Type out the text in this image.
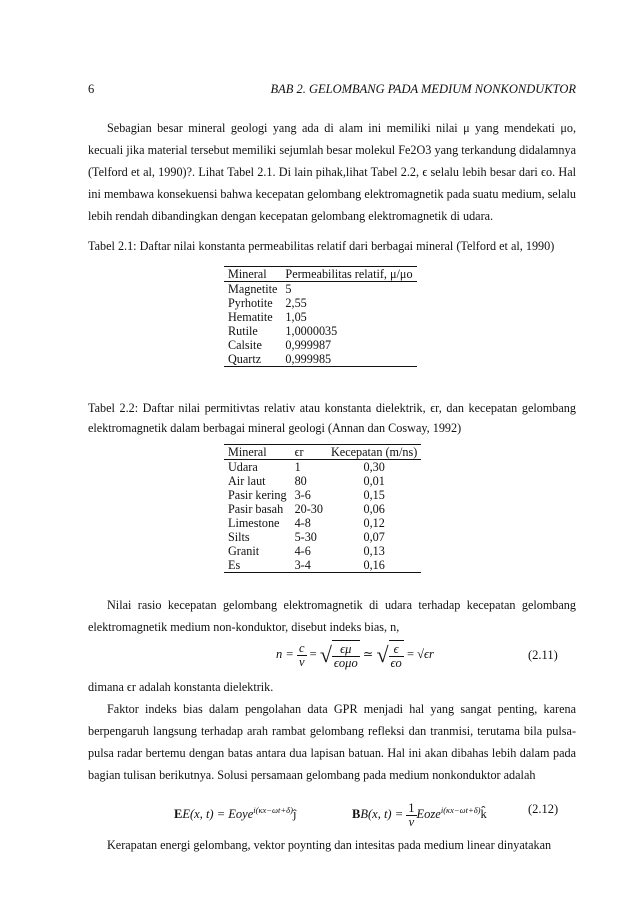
6	BAB 2. GELOMBANG PADA MEDIUM NONKONDUKTOR
Sebagian besar mineral geologi yang ada di alam ini memiliki nilai μ yang mendekati μo, kecuali jika material tersebut memiliki sejumlah besar molekul Fe2O3 yang terkandung didalamnya (Telford et al, 1990)?. Lihat Tabel 2.1. Di lain pihak,lihat Tabel 2.2, ϵ selalu lebih besar dari ϵo. Hal ini membawa konsekuensi bahwa kecepatan gelombang elektromagnetik pada suatu medium, selalu lebih rendah dibandingkan dengan kecepatan gelombang elektromagnetik di udara.
Tabel 2.1: Daftar nilai konstanta permeabilitas relatif dari berbagai mineral (Telford et al, 1990)
Mineral	Permeabilitas relatif, μ/μo
Magnetite	5
Pyrhotite	2,55
Hematite	1,05
Rutile	1,0000035
Calsite	0,999987
Quartz	0,999985
Tabel 2.2: Daftar nilai permitivtas relativ atau konstanta dielektrik, ϵr, dan kecepatan gelombang elektromagnetik dalam berbagai mineral geologi (Annan dan Cosway, 1992)
Mineral	ϵr	Kecepatan (m/ns)
Udara	1	0,30
Air laut	80	0,01
Pasir kering	3-6	0,15
Pasir basah	20-30	0,06
Limestone	4-8	0,12
Silts	5-30	0,07
Granit	4-6	0,13
Es	3-4	0,16
Nilai rasio kecepatan gelombang elektromagnetik di udara terhadap kecepatan gelombang elektromagnetik medium non-konduktor, disebut indeks bias, n,
$n = \frac{c}{v}$ = √ $\frac{\epsilon\mu}{\text{ϵoμo}}$ ≃ √ $\frac{\epsilon}{\epsilon o} = √\epsilon r$	(2.11)
dimana ϵr adalah konstanta dielektrik.
Faktor indeks bias dalam pengolahan data GPR menjadi hal yang sangat penting, karena berpengaruh langsung terhadap arah rambat gelombang refleksi dan tranmisi, terutama bila pulsa-pulsa radar bertemu dengan batas antara dua lapisan batuan. Hal ini akan dibahas lebih dalam pada bagian tulisan berikutnya. Solusi persamaan gelombang pada medium nonkonduktor adalah
EE(x, t) = Eoye$^{i(\kappa x-\omega t+\delta)}$ĵ	BB(x, $t) = \frac{1}{v}$ Eoze$^{i(\kappa x-\omega t+\delta)}$k̂	(2.12)
Kerapatan energi gelombang, vektor poynting dan intesitas pada medium linear dinyatakan
